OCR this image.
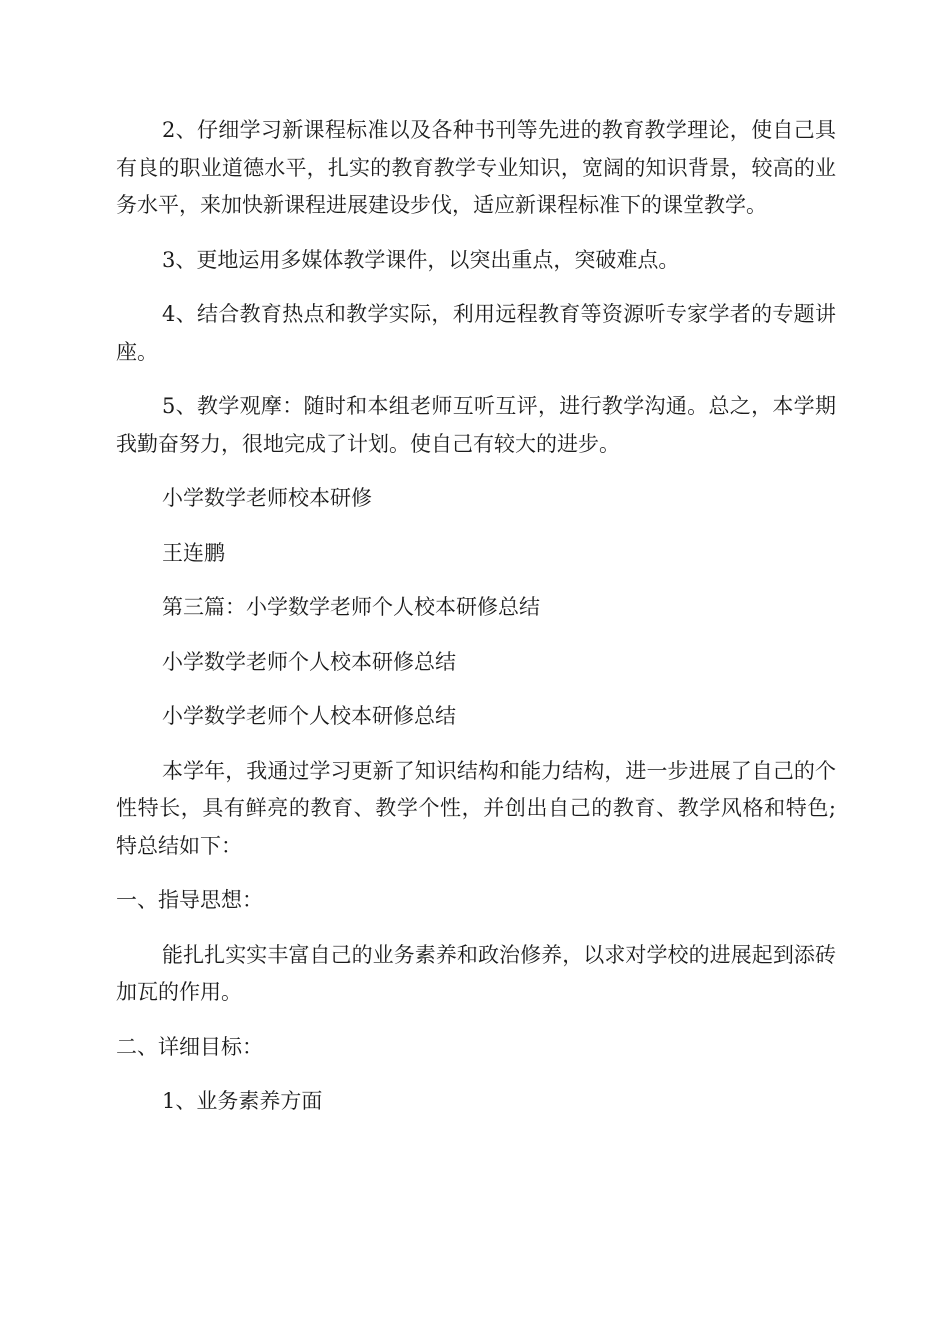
2、仔细学习新课程标准以及各种书刊等先进的教育教学理论，使自己具有良的职业道德水平，扎实的教育教学专业知识，宽阔的知识背景，较高的业务水平，来加快新课程进展建设步伐，适应新课程标准下的课堂教学。

3、更地运用多媒体教学课件，以突出重点，突破难点。

4、结合教育热点和教学实际，利用远程教育等资源听专家学者的专题讲座。

5、教学观摩：随时和本组老师互听互评，进行教学沟通。总之，本学期我勤奋努力，很地完成了计划。使自己有较大的进步。

小学数学老师校本研修

王连鹏

第三篇：小学数学老师个人校本研修总结

小学数学老师个人校本研修总结

小学数学老师个人校本研修总结

本学年，我通过学习更新了知识结构和能力结构，进一步进展了自己的个性特长，具有鲜亮的教育、教学个性，并创出自己的教育、教学风格和特色;特总结如下：

一、指导思想：

能扎扎实实丰富自己的业务素养和政治修养，以求对学校的进展起到添砖加瓦的作用。

二、详细目标：

1、业务素养方面
